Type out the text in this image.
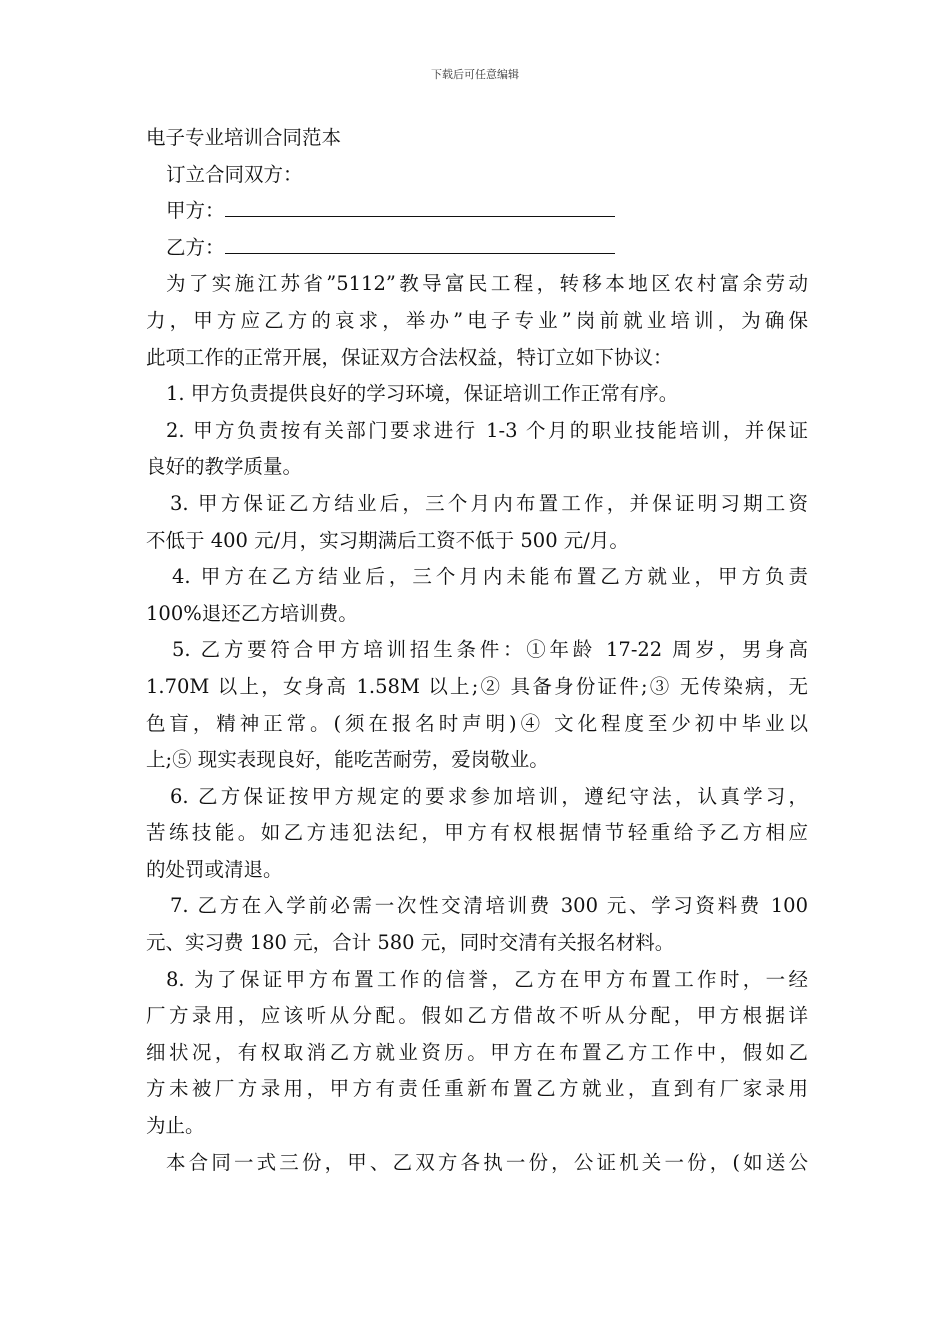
下载后可任意编辑

电子专业培训合同范本

订立合同双方：

甲方：

乙方：

为了实施江苏省”5112”教导富民工程，转移本地区农村富余劳动

力，甲方应乙方的哀求，举办”电子专业”岗前就业培训，为确保

此项工作的正常开展，保证双方合法权益，特订立如下协议：

1. 甲方负责提供良好的学习环境，保证培训工作正常有序。

2. 甲方负责按有关部门要求进行 1-3 个月的职业技能培训，并保证

良好的教学质量。

3. 甲方保证乙方结业后，三个月内布置工作，并保证明习期工资

不低于 400 元/月，实习期满后工资不低于 500 元/月。

4. 甲方在乙方结业后，三个月内未能布置乙方就业，甲方负责

100%退还乙方培训费。

5. 乙方要符合甲方培训招生条件：①年龄 17-22 周岁，男身高

1.70M 以上，女身高 1.58M 以上;② 具备身份证件;③ 无传染病，无

色盲，精神正常。(须在报名时声明)④ 文化程度至少初中毕业以

上;⑤ 现实表现良好，能吃苦耐劳，爱岗敬业。

6. 乙方保证按甲方规定的要求参加培训，遵纪守法，认真学习，

苦练技能。如乙方违犯法纪，甲方有权根据情节轻重给予乙方相应

的处罚或清退。

7. 乙方在入学前必需一次性交清培训费 300 元、学习资料费 100

元、实习费 180 元，合计 580 元，同时交清有关报名材料。

8. 为了保证甲方布置工作的信誉，乙方在甲方布置工作时，一经

厂方录用，应该听从分配。假如乙方借故不听从分配，甲方根据详

细状况，有权取消乙方就业资历。甲方在布置乙方工作中，假如乙

方未被厂方录用，甲方有责任重新布置乙方就业，直到有厂家录用

为止。

本合同一式三份，甲、乙双方各执一份，公证机关一份，(如送公
